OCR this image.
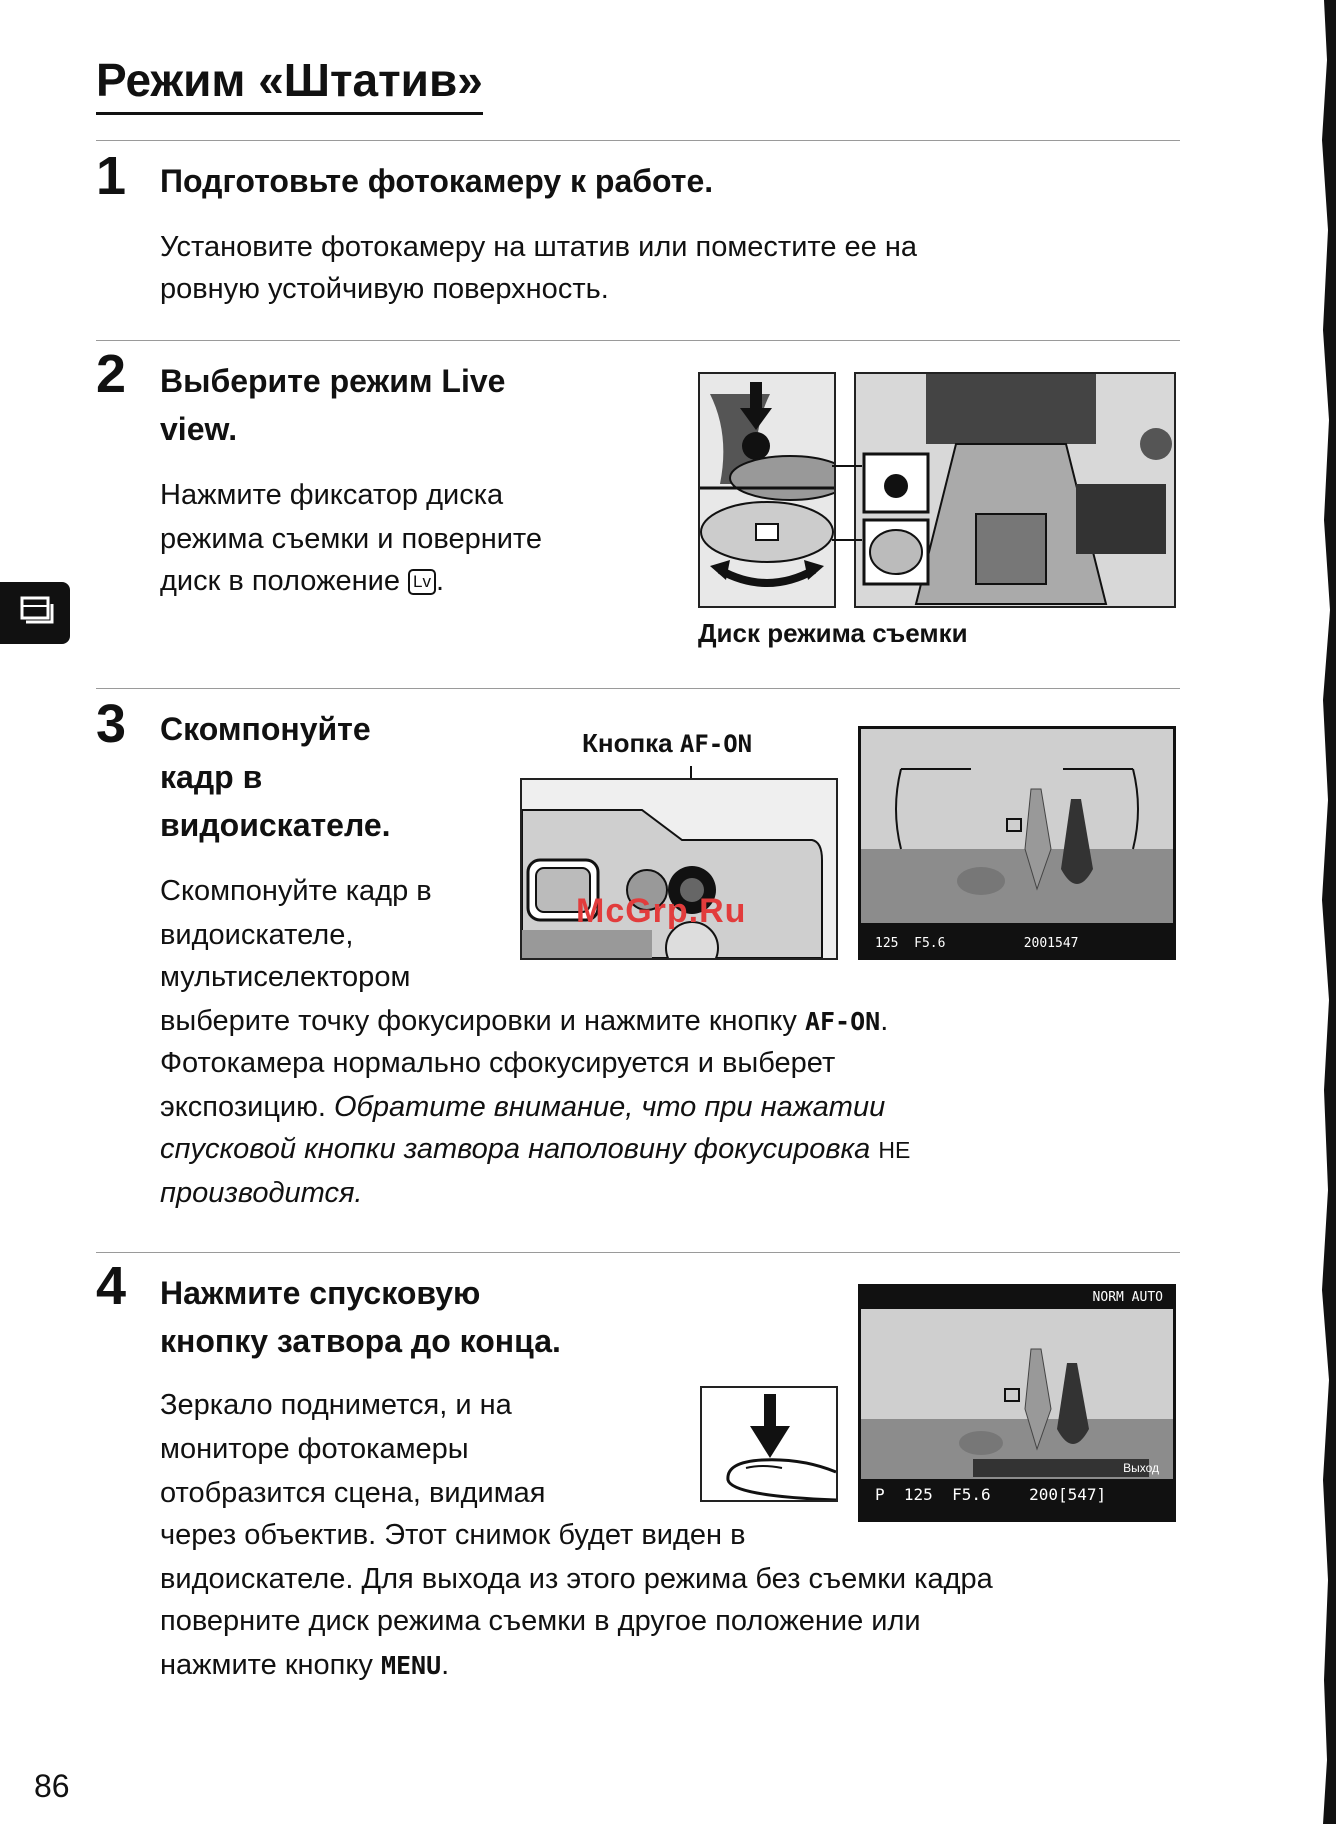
Режим «Штатив»
1 Подготовьте фотокамеру к работе.
Установите фотокамеру на штатив или поместите ее на
ровную устойчивую поверхность.
2 Выберите режим Live
view.
Нажмите фиксатор диска
режима съемки и поверните
диск в положение Lv .
Диск режима съемки
3 Скомпонуйте
кадр в
видоискателе.
Скомпонуйте кадр в
видоискателе,
мультиселектором
выберите точку фокусировки и нажмите кнопку AF-ON.
Фотокамера нормально сфокусируется и выберет
экспозицию. Обратите внимание, что при нажатии
спусковой кнопки затвора наполовину фокусировка НЕ
производится.
Кнопка AF-ON
125  F5.6          2001547
McGrp.Ru
4 Нажмите спусковую
кнопку затвора до конца.
Зеркало поднимется, и на
мониторе фотокамеры
отобразится сцена, видимая
через объектив. Этот снимок будет виден в
видоискателе. Для выхода из этого режима без съемки кадра
поверните диск режима съемки в другое положение или
нажмите кнопку MENU.
NORM AUTO
Выход
P  125  F5.6    200[547]
86
